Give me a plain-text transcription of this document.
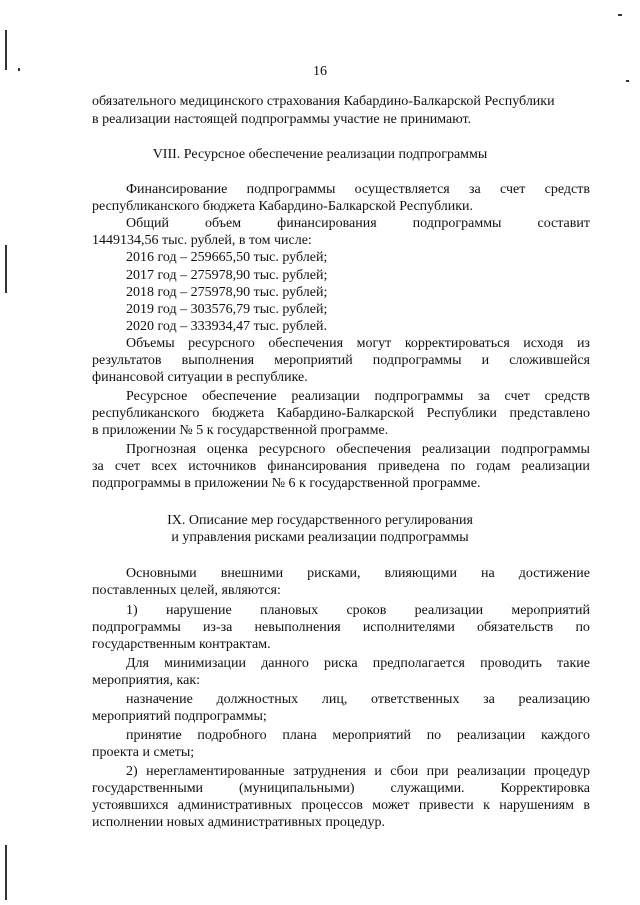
16
обязательного медицинского страхования Кабардино-Балкарской Республики
в реализации настоящей подпрограммы участие не принимают.
VIII. Ресурсное обеспечение реализации подпрограммы
Финансирование подпрограммы осуществляется за счет средств
республиканского бюджета Кабардино-Балкарской Республики.
Общий	объем	финансирования	подпрограммы	составит
1449134,56 тыс. рублей, в том числе:
2016 год – 259665,50 тыс. рублей;
2017 год – 275978,90 тыс. рублей;
2018 год – 275978,90 тыс. рублей;
2019 год – 303576,79 тыс. рублей;
2020 год – 333934,47 тыс. рублей.
Объемы ресурсного обеспечения могут корректироваться исходя из
результатов выполнения мероприятий подпрограммы и сложившейся
финансовой ситуации в республике.
Ресурсное обеспечение реализации подпрограммы за счет средств
республиканского бюджета Кабардино-Балкарской Республики представлено
в приложении № 5 к государственной программе.
Прогнозная оценка ресурсного обеспечения реализации подпрограммы
за счет всех источников финансирования приведена по годам реализации
подпрограммы в приложении № 6 к государственной программе.
IX. Описание мер государственного регулирования
и управления рисками реализации подпрограммы
Основными внешними рисками, влияющими на достижение
поставленных целей, являются:
1) нарушение плановых сроков реализации мероприятий
подпрограммы из-за невыполнения исполнителями обязательств по
государственным контрактам.
Для минимизации данного риска предполагается проводить такие
мероприятия, как:
назначение должностных лиц, ответственных за реализацию
мероприятий подпрограммы;
принятие подробного плана мероприятий по реализации каждого
проекта и сметы;
2) нерегламентированные затруднения и сбои при реализации процедур
государственными	(муниципальными)	служащими.	Корректировка
устоявшихся административных процессов может привести к нарушениям в
исполнении новых административных процедур.
